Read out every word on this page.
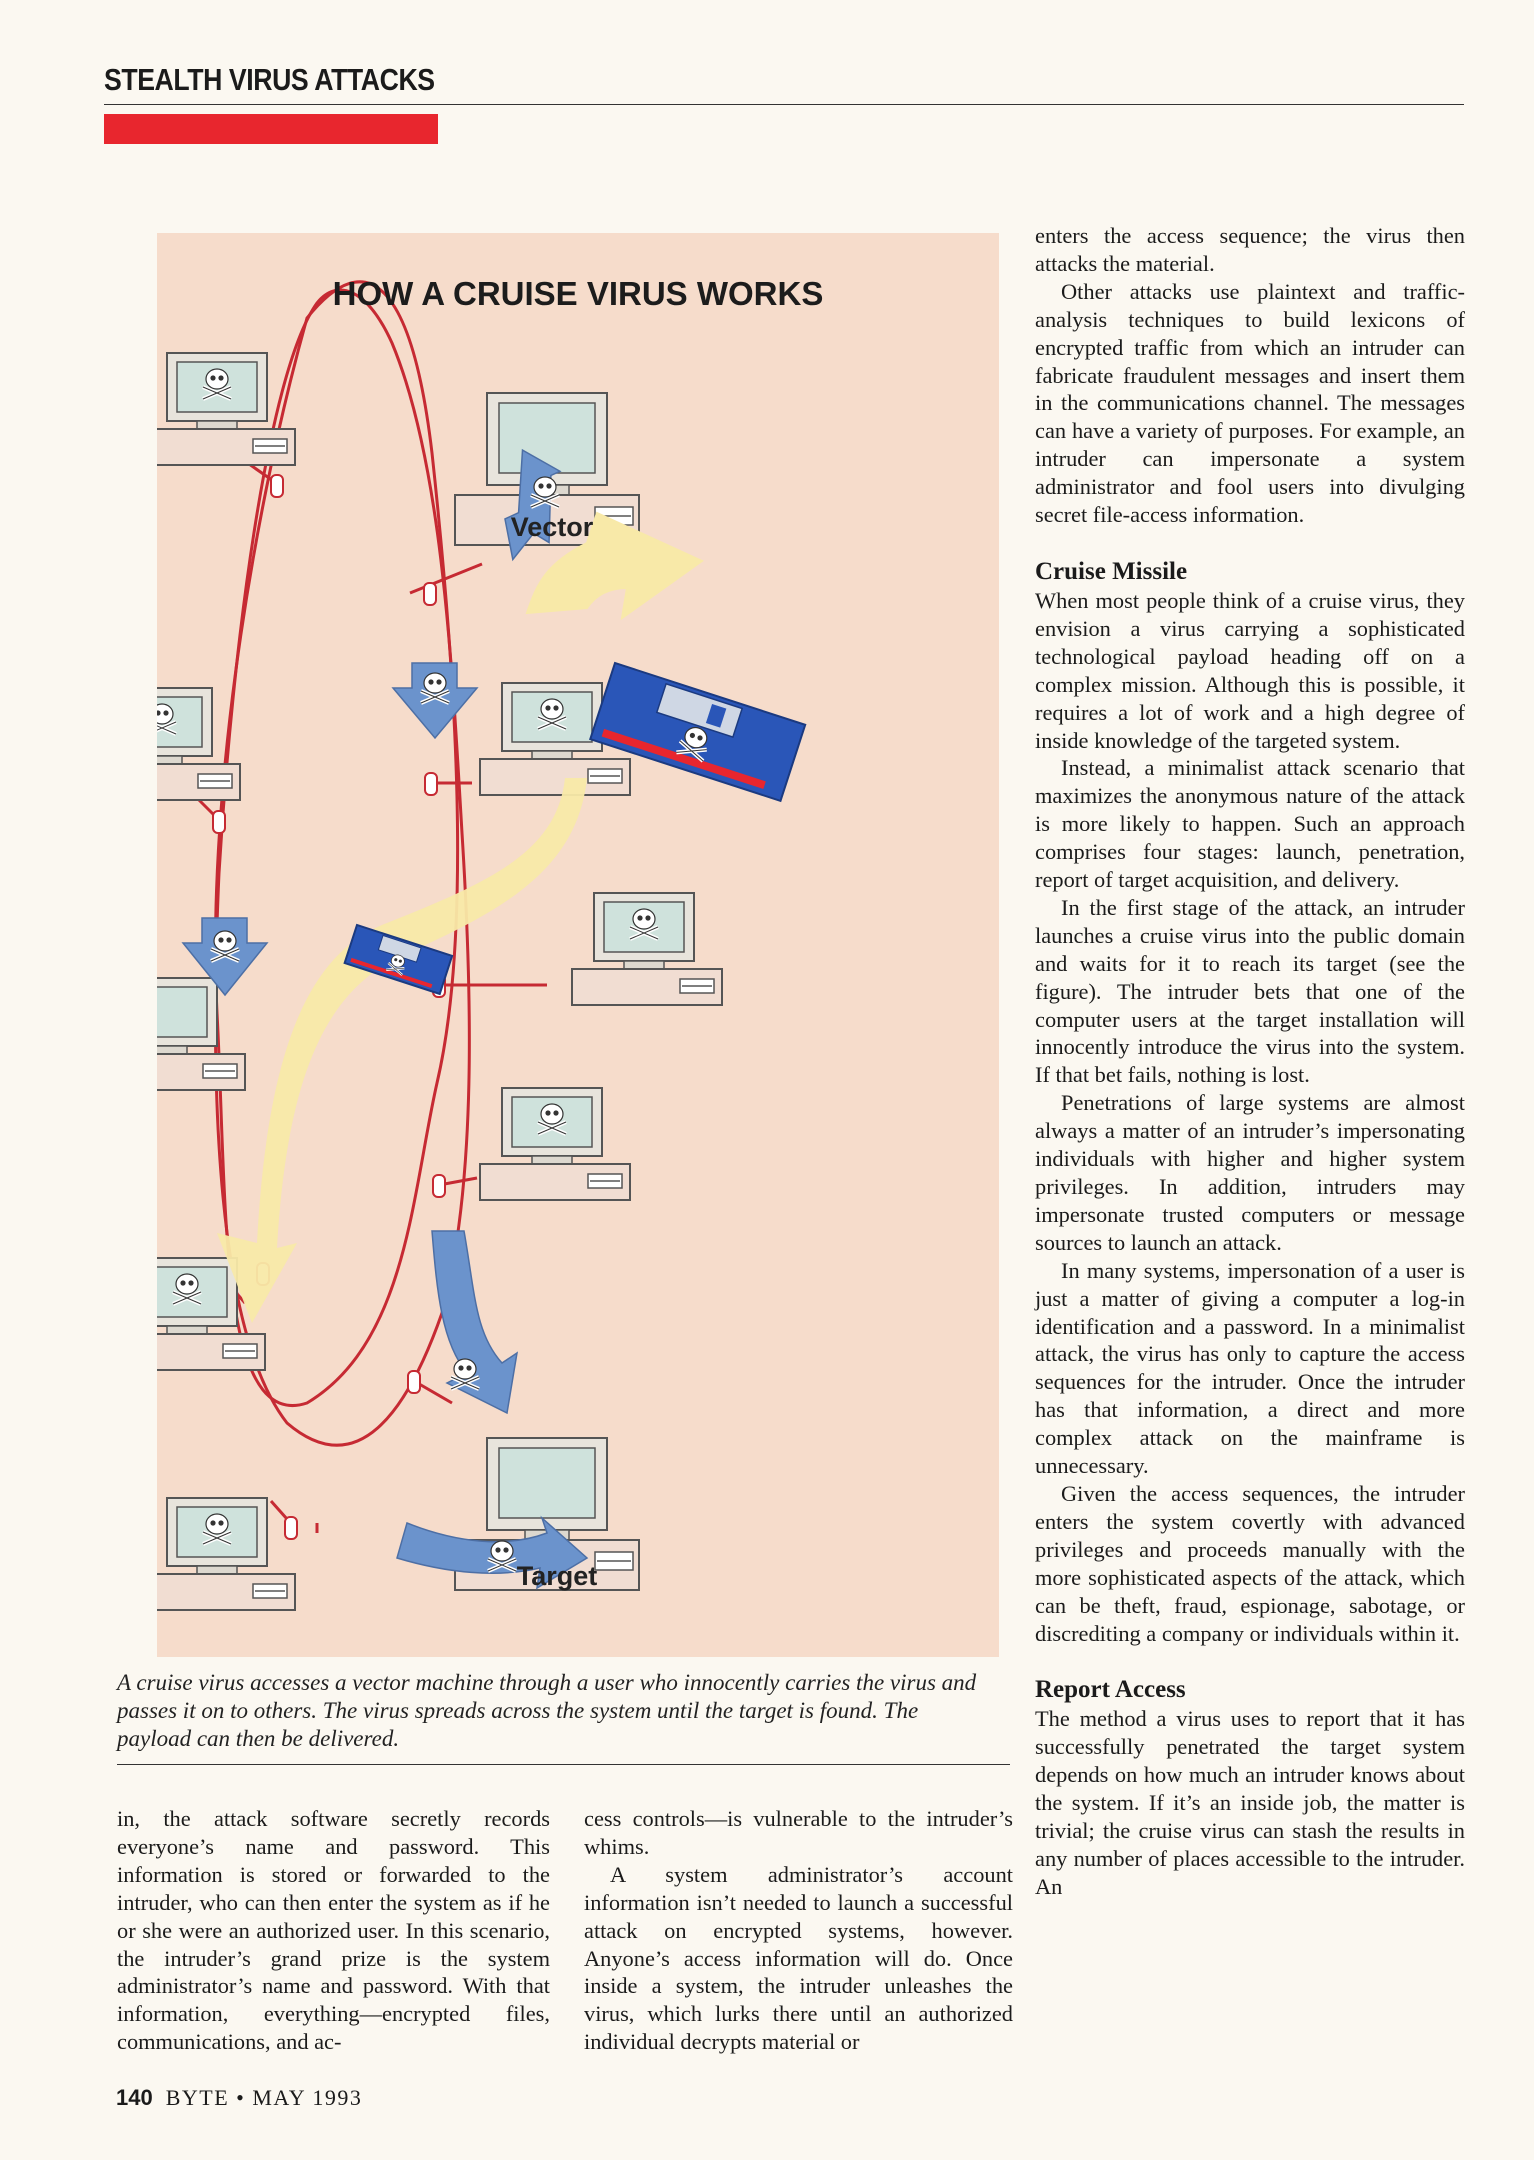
STEALTH VIRUS ATTACKS
Vector
Target
HOW A CRUISE VIRUS WORKS
A cruise virus accesses a vector machine through a user who innocently carries the virus and passes it on to others. The virus spreads across the system until the target is found. The payload can then be delivered.

in, the attack software secretly records everyone’s name and password. This information is stored or forwarded to the intruder, who can then enter the system as if he or she were an authorized user. In this scenario, the intruder’s grand prize is the system administrator’s name and password. With that information, everything—encrypted files, communications, and ac-

cess controls—is vulnerable to the intruder’s whims.

A system administrator’s account information isn’t needed to launch a successful attack on encrypted systems, however. Anyone’s access information will do. Once inside a system, the intruder unleashes the virus, which lurks there until an authorized individual decrypts material or

enters the access sequence; the virus then attacks the material.

Other attacks use plaintext and traffic-analysis techniques to build lexicons of encrypted traffic from which an intruder can fabricate fraudulent messages and insert them in the communications channel. The messages can have a variety of purposes. For example, an intruder can impersonate a system administrator and fool users into divulging secret file-access information.

Cruise Missile

When most people think of a cruise virus, they envision a virus carrying a sophisticated technological payload heading off on a complex mission. Although this is possible, it requires a lot of work and a high degree of inside knowledge of the targeted system.

Instead, a minimalist attack scenario that maximizes the anonymous nature of the attack is more likely to happen. Such an approach comprises four stages: launch, penetration, report of target acquisition, and delivery.

In the first stage of the attack, an intruder launches a cruise virus into the public domain and waits for it to reach its target (see the figure). The intruder bets that one of the computer users at the target installation will innocently introduce the virus into the system. If that bet fails, nothing is lost.

Penetrations of large systems are almost always a matter of an intruder’s impersonating individuals with higher and higher system privileges. In addition, intruders may impersonate trusted computers or message sources to launch an attack.

In many systems, impersonation of a user is just a matter of giving a computer a log-in identification and a password. In a minimalist attack, the virus has only to capture the access sequences for the intruder. Once the intruder has that information, a direct and more complex attack on the mainframe is unnecessary.

Given the access sequences, the intruder enters the system covertly with advanced privileges and proceeds manually with the more sophisticated aspects of the attack, which can be theft, fraud, espionage, sabotage, or discrediting a company or individuals within it.

Report Access

The method a virus uses to report that it has successfully penetrated the target system depends on how much an intruder knows about the system. If it’s an inside job, the matter is trivial; the cruise virus can stash the results in any number of places accessible to the intruder. An

140 BYTE • MAY 1993
